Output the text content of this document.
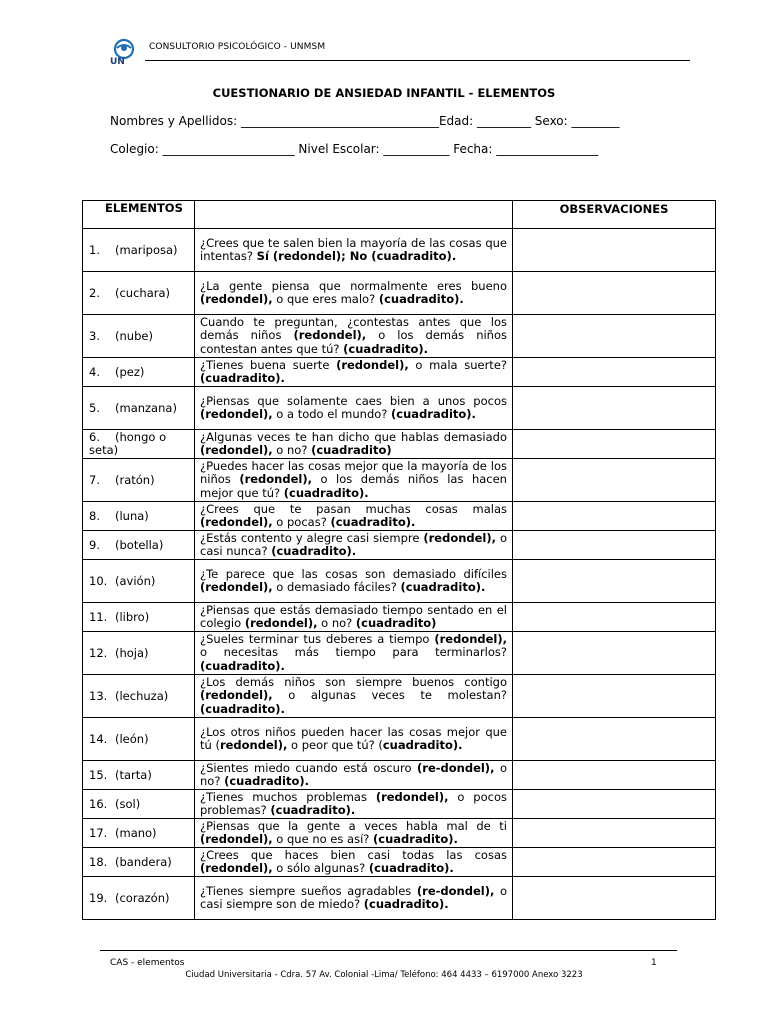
UN
CONSULTORIO PSICOLÓGICO - UNMSM
CUESTIONARIO DE ANSIEDAD INFANTIL - ELEMENTOS
Nombres y Apellidos: _________________________________Edad: _________ Sexo: ________
Colegio: ______________________ Nivel Escolar: ___________ Fecha: _________________
ELEMENTOS		OBSERVACIONES
1. (mariposa)	¿Crees que te salen bien la mayoría de las cosas que intentas? Sí (redondel); No (cuadradito).	
2. (cuchara)	¿La gente piensa que normalmente eres bueno (redondel), o que eres malo? (cuadradito).	
3. (nube)	Cuando te preguntan, ¿contestas antes que los demás niños (redondel), o los demás niños contestan antes que tú? (cuadradito).	
4. (pez)	¿Tienes buena suerte (redondel), o mala suerte? (cuadradito).	
5. (manzana)	¿Piensas que solamente caes bien a unos pocos (redondel), o a todo el mundo? (cuadradito).	
6. (hongo o seta)	¿Algunas veces te han dicho que hablas demasiado (redondel), o no? (cuadradito)	
7. (ratón)	¿Puedes hacer las cosas mejor que la mayoría de los niños (redondel), o los demás niños las hacen mejor que tú? (cuadradito).	
8. (luna)	¿Crees que te pasan muchas cosas malas (redondel), o pocas? (cuadradito).	
9. (botella)	¿Estás contento y alegre casi siempre (redondel), o casi nunca? (cuadradito).	
10. (avión)	¿Te parece que las cosas son demasiado difíciles (redondel), o demasiado fáciles? (cuadradito).	
11. (libro)	¿Piensas que estás demasiado tiempo sentado en el colegio (redondel), o no? (cuadradito)	
12. (hoja)	¿Sueles terminar tus deberes a tiempo (redondel), o necesitas más tiempo para terminarlos? (cuadradito).	
13. (lechuza)	¿Los demás niños son siempre buenos contigo (redondel), o algunas veces te molestan? (cuadradito).	
14. (león)	¿Los otros niños pueden hacer las cosas mejor que tú (redondel), o peor que tú? (cuadradito).	
15. (tarta)	¿Sientes miedo cuando está oscuro (re-dondel), o no? (cuadradito).	
16. (sol)	¿Tienes muchos problemas (redondel), o pocos problemas? (cuadradito).	
17. (mano)	¿Piensas que la gente a veces habla mal de ti (redondel), o que no es así? (cuadradito).	
18. (bandera)	¿Crees que haces bien casi todas las cosas (redondel), o sólo algunas? (cuadradito).	
19. (corazón)	¿Tienes siempre sueños agradables (re-dondel), o casi siempre son de miedo? (cuadradito).	
CAS - elementos	1
Ciudad Universitaria - Cdra. 57 Av. Colonial -Lima/ Teléfono: 464 4433 – 6197000 Anexo 3223
